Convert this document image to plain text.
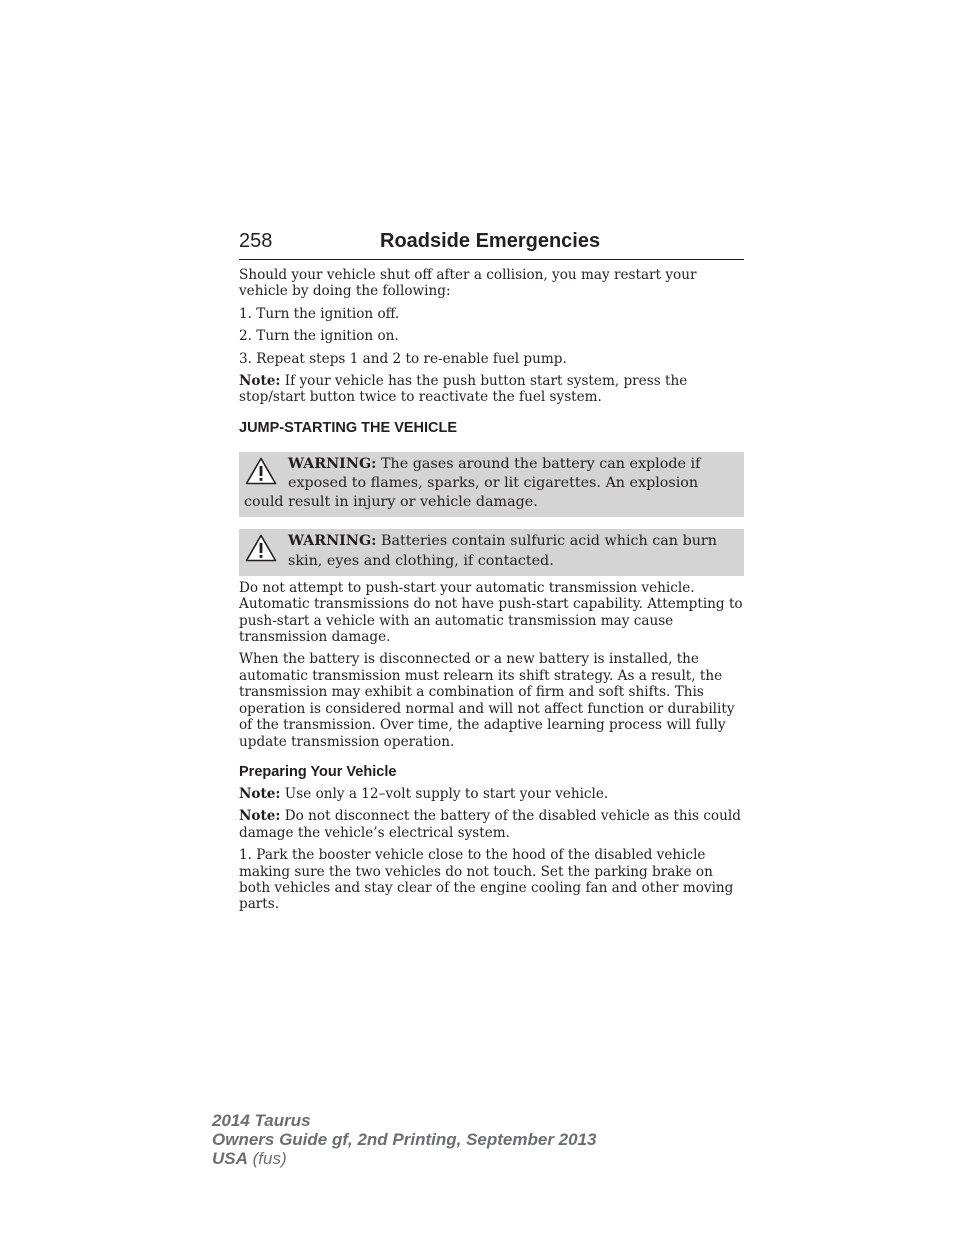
258	Roadside Emergencies

Should your vehicle shut off after a collision, you may restart your vehicle by doing the following:

1. Turn the ignition off.

2. Turn the ignition on.

3. Repeat steps 1 and 2 to re-enable fuel pump.

Note: If your vehicle has the push button start system, press the stop/start button twice to reactivate the fuel system.

JUMP-STARTING THE VEHICLE
WARNING: The gases around the battery can explode if exposed to flames, sparks, or lit cigarettes. An explosion could result in injury or vehicle damage.
WARNING: Batteries contain sulfuric acid which can burn skin, eyes and clothing, if contacted.

Do not attempt to push-start your automatic transmission vehicle. Automatic transmissions do not have push-start capability. Attempting to push-start a vehicle with an automatic transmission may cause transmission damage.

When the battery is disconnected or a new battery is installed, the automatic transmission must relearn its shift strategy. As a result, the transmission may exhibit a combination of firm and soft shifts. This operation is considered normal and will not affect function or durability of the transmission. Over time, the adaptive learning process will fully update transmission operation.

Preparing Your Vehicle

Note: Use only a 12–volt supply to start your vehicle.

Note: Do not disconnect the battery of the disabled vehicle as this could damage the vehicle’s electrical system.

1. Park the booster vehicle close to the hood of the disabled vehicle making sure the two vehicles do not touch. Set the parking brake on both vehicles and stay clear of the engine cooling fan and other moving parts.

2014 Taurus
Owners Guide gf, 2nd Printing, September 2013
USA (fus)
